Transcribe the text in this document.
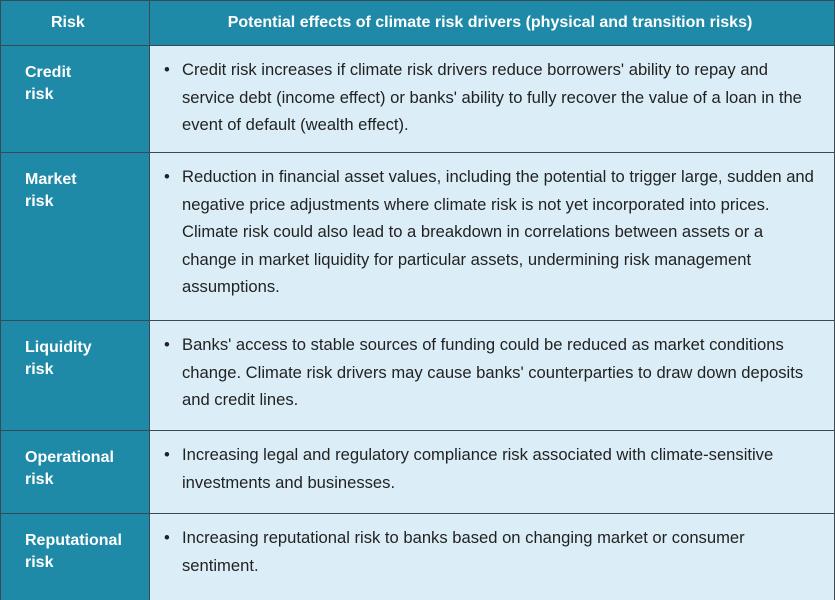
Risk	Potential effects of climate risk drivers (physical and transition risks)
Credit
risk
• Credit risk increases if climate risk drivers reduce borrowers' ability to repay and service debt (income effect) or banks' ability to fully recover the value of a loan in the event of default (wealth effect).
Market
risk
• Reduction in financial asset values, including the potential to trigger large, sudden and negative price adjustments where climate risk is not yet incorporated into prices. Climate risk could also lead to a breakdown in correlations between assets or a change in market liquidity for particular assets, undermining risk management assumptions.
Liquidity
risk
• Banks' access to stable sources of funding could be reduced as market conditions change. Climate risk drivers may cause banks' counterparties to draw down deposits and credit lines.
Operational
risk
• Increasing legal and regulatory compliance risk associated with climate-sensitive investments and businesses.
Reputational
risk
• Increasing reputational risk to banks based on changing market or consumer sentiment.
